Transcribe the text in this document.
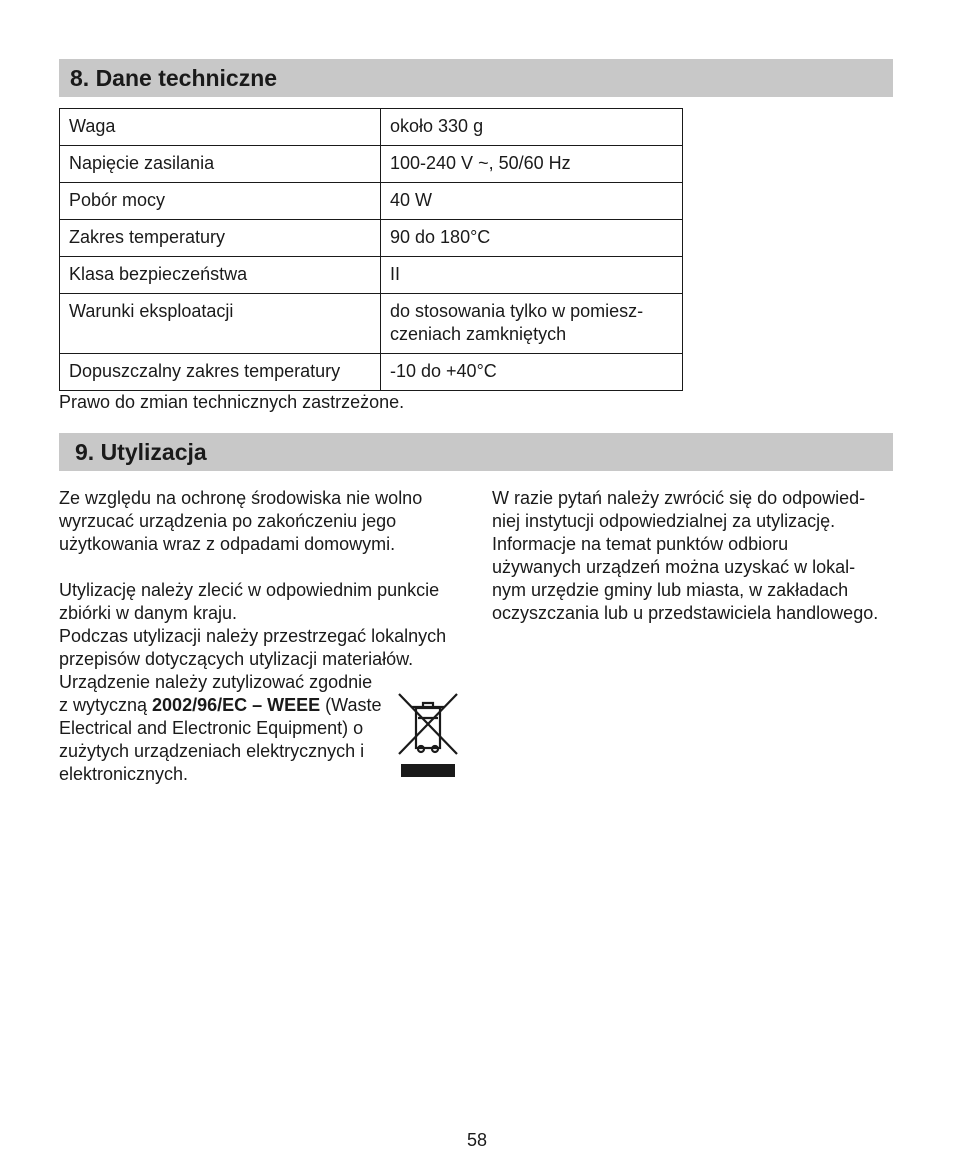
8. Dane techniczne
Waga	około 330 g
Napięcie zasilania	100-240 V ~, 50/60 Hz
Pobór mocy	40 W
Zakres temperatury	90 do 180°C
Klasa bezpieczeństwa	II
Warunki eksploatacji	do stosowania tylko w pomiesz-
czeniach zamkniętych
Dopuszczalny zakres temperatury	-10 do +40°C
Prawo do zmian technicznych zastrzeżone.
9. Utylizacja

Ze względu na ochronę środowiska nie wolno
wyrzucać urządzenia po zakończeniu jego
użytkowania wraz z odpadami domowymi.

Utylizację należy zlecić w odpowiednim punkcie
zbiórki w danym kraju.

Podczas utylizacji należy przestrzegać lokalnych
przepisów dotyczących utylizacji materiałów.

Urządzenie należy zutylizować zgodnie
z wytyczną 2002/96/EC – WEEE (Waste
Electrical and Electronic Equipment) o
zużytych urządzeniach elektrycznych i
elektronicznych.

W razie pytań należy zwrócić się do odpowied-
niej instytucji odpowiedzialnej za utylizację.
Informacje na temat punktów odbioru
używanych urządzeń można uzyskać w lokal-
nym urzędzie gminy lub miasta, w zakładach
oczyszczania lub u przedstawiciela handlowego.

58
